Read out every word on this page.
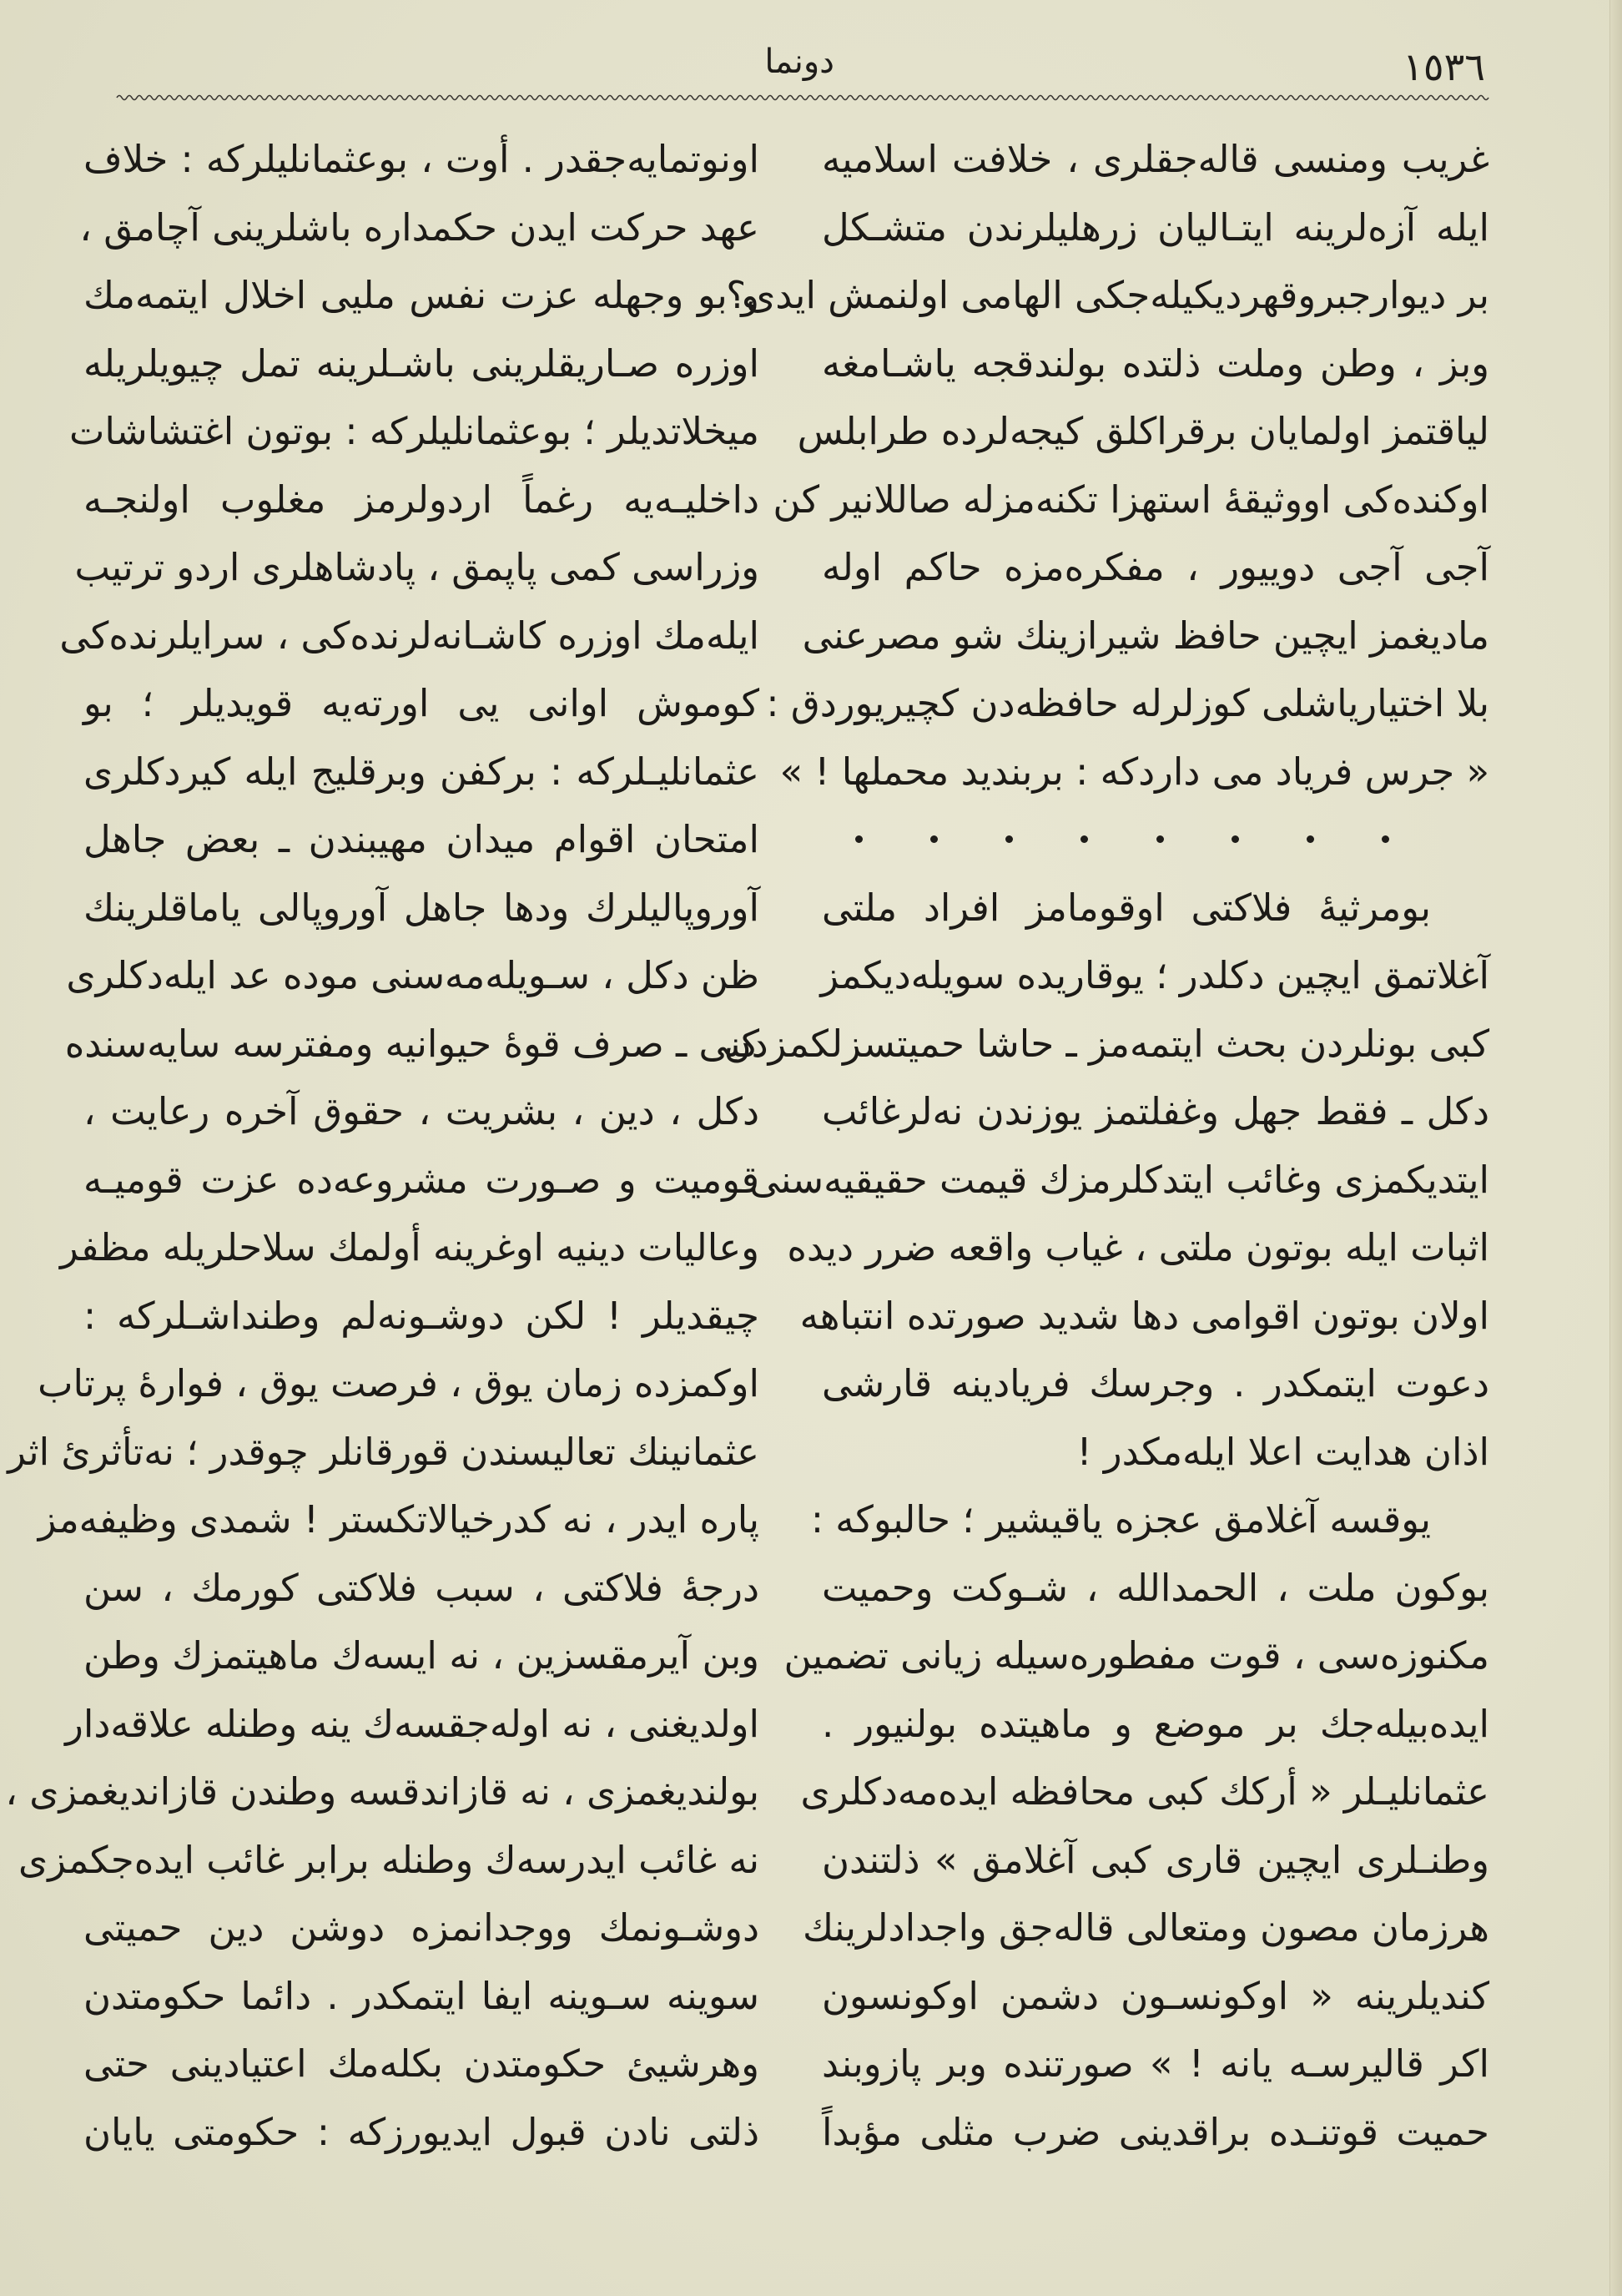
١٥٣٦
دونما
غريب ومنسى قاله‌جقلرى ، خلافت اسلاميه
ايله آزه‌لرينه ايتـاليان زرهليلرندن متشـكل
بر ديوارجبروقهرديكيله‌جكى الهامى اولنمش ايدى؟
وبز ، وطن وملت ذلتده بولندقجه ياشـامغه
لياقتمز اولمايان برقراكلق كيجه‌لرده طرابلس
اوكنده‌كى اووثيقهٔ استهزا تكنه‌مزله صاللانير كن
آجى آجى دوييور ، مفكره‌مزه حاكم اوله‌
مادیغمز ايچين حافظ شيرازينك شو مصرعنى
بلا اختيارياشلى كوزلرله حافظه‌دن كچيريوردق :
« جرس فرياد مى داردكه : بربنديد محملها ! »
بومرثيهٔ فلاكتى اوقومامز افراد ملتى
آغلاتمق ايچين دكلدر ؛ يوقاريده سويله‌ديكمز
كبى بونلردن بحث ايتمه‌مز ـ حاشا حميتسزلكمزدن
دكل ـ فقط جهل وغفلتمز يوزندن نه‌لرغائب
ايتديكمزى وغائب ايتدكلرمزك قيمت حقيقيه‌سنى
اثبات ايله بوتون ملتى ، غياب واقعه ضرر ديده
اولان بوتون اقوامى دها شديد صورتده انتباهه
دعوت ايتمكدر . وجرسك فريادينه قارشى
اذان هدايت اعلا ايله‌مكدر !
يوقسه آغلامق عجزه ياقيشير ؛ حالبوكه :
بوكون ملت ، الحمدالله ، شـوكت وحميت
مكنوزه‌سى ، قوت مفطوره‌سيله زيانى تضمين
ايده‌بيله‌جك بر موضع و ماهيتده بولنيور .
عثمانليـلر « أركك كبى محافظه ايده‌مه‌دكلرى
وطنـلرى ايچين قارى كبى آغلامق » ذلتندن
هرزمان مصون ومتعالى قاله‌جق واجدادلرينك
كنديلرينه « اوكونسـون دشمن اوكونسون
اكر قاليرسـه يانه ! » صورتنده وبر پازوبند
حميت قوتنـده براقدينى ضرب مثلى مؤبداً
اونوتمايه‌جقدر . أوت ، بوعثمانليلركه : خلاف
عهد حركت ايدن حكمداره باشلرينى آچامق ،
و بو وجهله عزت نفس مليى اخلال ايتمه‌مك
اوزره صـاريقلرينى باشـلرينه تمل چيويلريله
ميخلاتديلر ؛ بوعثمانليلركه : بوتون اغتشاشات
داخليـه‌يه رغماً اردولرمز مغلوب اولنجـه
وزراسى كمى پاپمق ، پادشاهلرى اردو ترتيب
ايله‌مك اوزره كاشـانه‌لرنده‌كى ، سرايلرنده‌كى
كوموش اوانى يى اورته‌يه قويديلر ؛ بو
عثمانليـلركه : بركفن وبرقليج ايله كيردكلرى
امتحان اقوام ميدان مهيبندن ـ بعض جاهل
آوروپاليلرك ودها جاهل آوروپالى ياماقلرينك
ظن دكل ، سـويله‌مه‌سنى موده عد ايله‌دكلرى
كبى ـ صرف قوهٔ حيوانيه ومفترسه سايه‌سنده
دكل ، دين ، بشريت ، حقوق آخره رعايت ،
قوميت و صـورت مشروعه‌ده عزت قوميـه
وعاليات دينيه اوغرينه أولمك سلاحلريله مظفر
چيقديلر ! لكن دوشـونه‌لم وطنداشـلركه :
اوكمزده زمان يوق ، فرصت يوق ، فوارهٔ پرتاب
عثمانينك تعاليسندن قورقانلر چوقدر ؛ نه‌تأثرىٔ اثر
پاره ايدر ، نه كدرخيالاتكستر ! شمدى وظيفه‌مز
درجهٔ فلاكتى ، سبب فلاكتى كورمك ، سن
وبن آيرمقسزين ، نه ايسه‌ك ماهيتمزك وطن
اولديغنى ، نه اوله‌جقسه‌ك ينه وطنله علاقه‌دار
بولنديغمزى ، نه قازاندقسه وطندن قازانديغمزى ،
نه غائب ايدرسه‌ك وطنله برابر غائب ايده‌جكمزى
دوشـونمك ووجدانمزه دوشن دين حميتى
سوينه سـوينه ايفا ايتمكدر . دائما حكومتدن
وهرشيئ حكومتدن بكله‌مك اعتيادينى حتى
ذلتى نادن قبول ايديورزكه : حكومتى يايان
